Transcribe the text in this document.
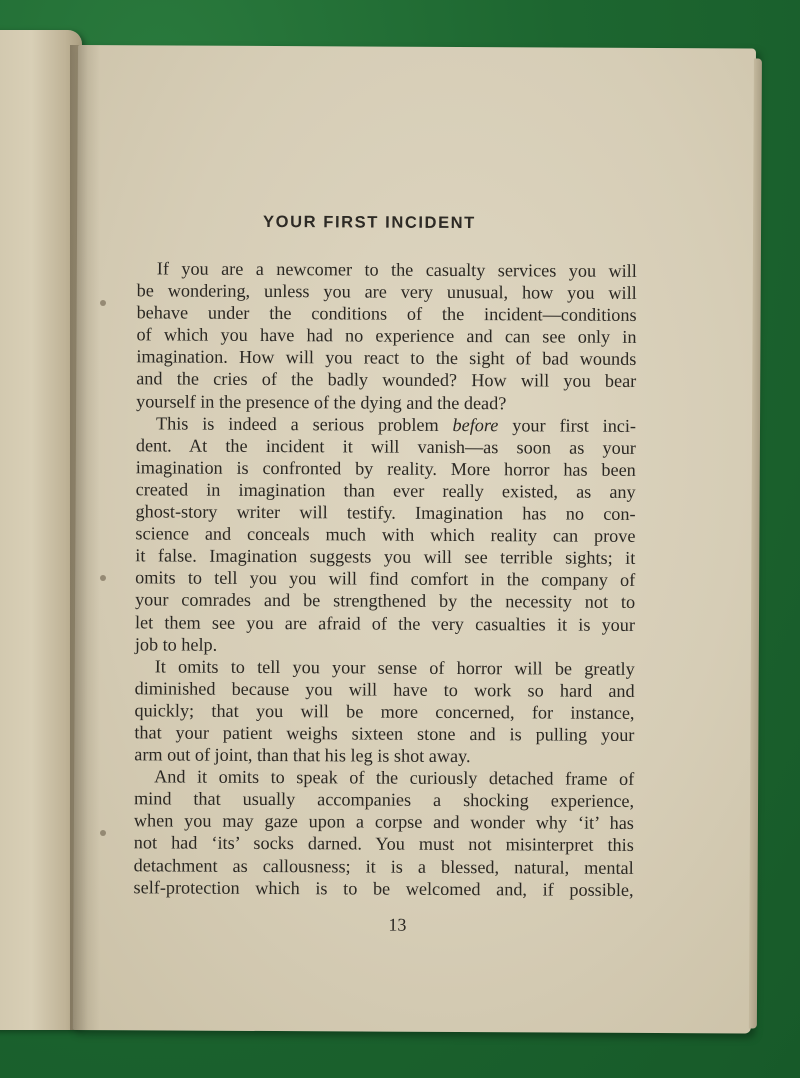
YOUR FIRST INCIDENT
If you are a newcomer to the casualty services you will
be wondering, unless you are very unusual, how you will
behave under the conditions of the incident—conditions
of which you have had no experience and can see only in
imagination. How will you react to the sight of bad wounds
and the cries of the badly wounded? How will you bear
yourself in the presence of the dying and the dead?
This is indeed a serious problem before your first inci-
dent. At the incident it will vanish—as soon as your
imagination is confronted by reality. More horror has been
created in imagination than ever really existed, as any
ghost-story writer will testify. Imagination has no con-
science and conceals much with which reality can prove
it false. Imagination suggests you will see terrible sights; it
omits to tell you you will find comfort in the company of
your comrades and be strengthened by the necessity not to
let them see you are afraid of the very casualties it is your
job to help.
It omits to tell you your sense of horror will be greatly
diminished because you will have to work so hard and
quickly; that you will be more concerned, for instance,
that your patient weighs sixteen stone and is pulling your
arm out of joint, than that his leg is shot away.
And it omits to speak of the curiously detached frame of
mind that usually accompanies a shocking experience,
when you may gaze upon a corpse and wonder why ‘it’ has
not had ‘its’ socks darned. You must not misinterpret this
detachment as callousness; it is a blessed, natural, mental
self-protection which is to be welcomed and, if possible,
13
